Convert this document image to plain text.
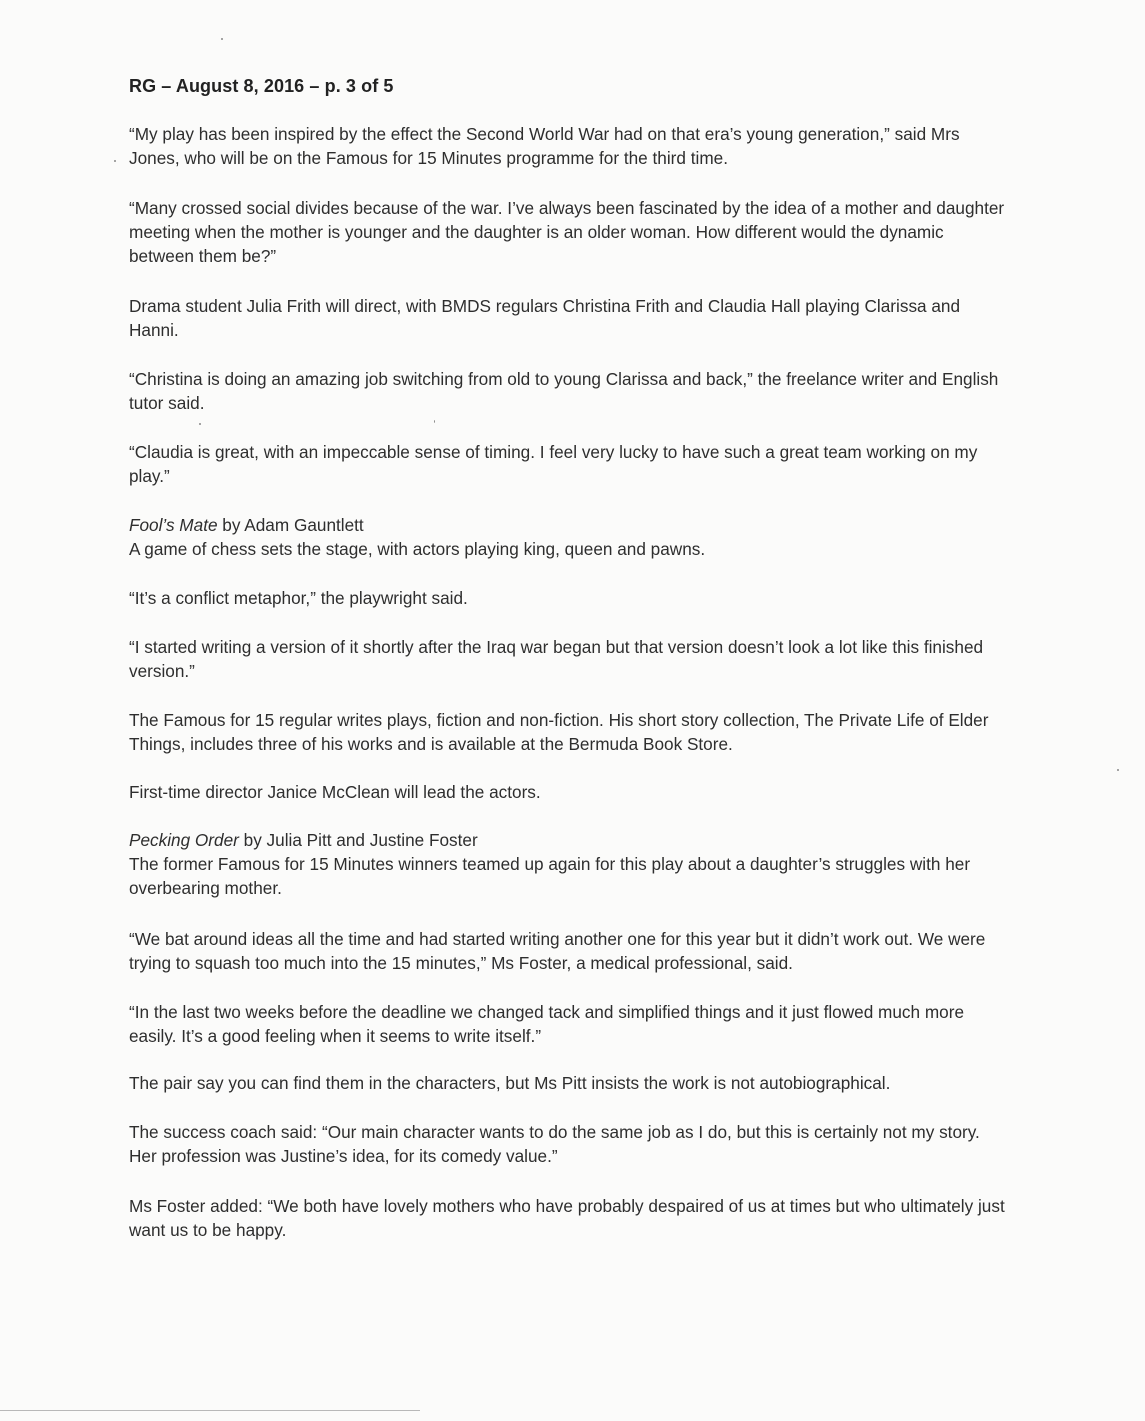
RG – August 8, 2016 – p. 3 of 5

“My play has been inspired by the effect the Second World War had on that era’s young generation,” said Mrs Jones, who will be on the Famous for 15 Minutes programme for the third time.

“Many crossed social divides because of the war. I’ve always been fascinated by the idea of a mother and daughter meeting when the mother is younger and the daughter is an older woman. How different would the dynamic between them be?”

Drama student Julia Frith will direct, with BMDS regulars Christina Frith and Claudia Hall playing Clarissa and Hanni.

“Christina is doing an amazing job switching from old to young Clarissa and back,” the freelance writer and English tutor said.

“Claudia is great, with an impeccable sense of timing. I feel very lucky to have such a great team working on my play.”

Fool’s Mate by Adam Gauntlett
A game of chess sets the stage, with actors playing king, queen and pawns.

“It’s a conflict metaphor,” the playwright said.

“I started writing a version of it shortly after the Iraq war began but that version doesn’t look a lot like this finished version.”

The Famous for 15 regular writes plays, fiction and non-fiction. His short story collection, The Private Life of Elder Things, includes three of his works and is available at the Bermuda Book Store.

First-time director Janice McClean will lead the actors.

Pecking Order by Julia Pitt and Justine Foster
The former Famous for 15 Minutes winners teamed up again for this play about a daughter’s struggles with her overbearing mother.

“We bat around ideas all the time and had started writing another one for this year but it didn’t work out. We were trying to squash too much into the 15 minutes,” Ms Foster, a medical professional, said.

“In the last two weeks before the deadline we changed tack and simplified things and it just flowed much more easily. It’s a good feeling when it seems to write itself.”

The pair say you can find them in the characters, but Ms Pitt insists the work is not autobiographical.

The success coach said: “Our main character wants to do the same job as I do, but this is certainly not my story. Her profession was Justine’s idea, for its comedy value.”

Ms Foster added: “We both have lovely mothers who have probably despaired of us at times but who ultimately just want us to be happy.
